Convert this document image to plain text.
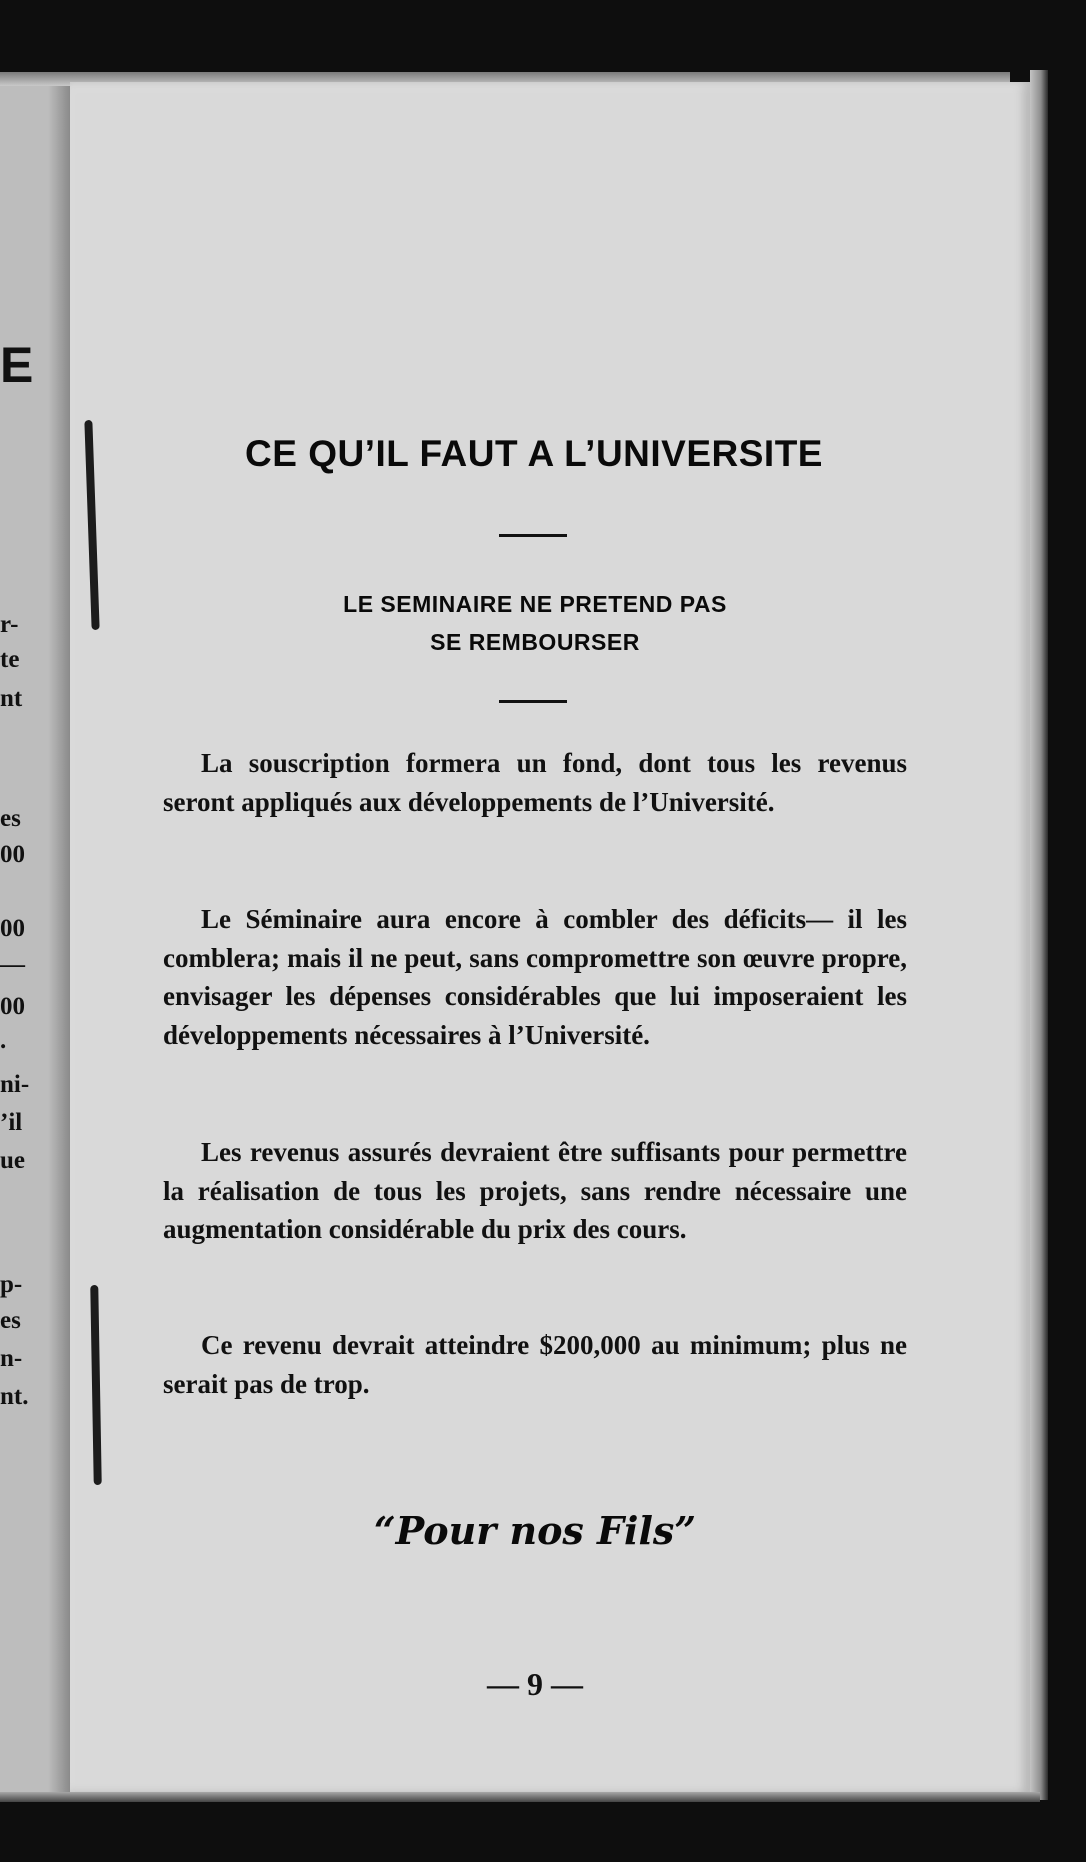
E
r-
te
nt
es
00
00
—
00
.
ni-
’il
ue
p-
es
n-
nt.
CE QU’IL FAUT A L’UNIVERSITE
LE SEMINAIRE NE PRETEND PAS
SE REMBOURSER

La souscription formera un fond, dont tous les revenus seront appliqués aux développements de l’Université.

Le Séminaire aura encore à combler des déficits— il les comblera; mais il ne peut, sans compromettre son œuvre propre, envisager les dépenses considérables que lui imposeraient les développements nécessaires à l’Université.

Les revenus assurés devraient être suffisants pour permettre la réalisation de tous les projets, sans rendre nécessaire une augmentation considérable du prix des cours.

Ce revenu devrait atteindre $200,000 au minimum; plus ne serait pas de trop.

“Pour nos Fils”

— 9 —
